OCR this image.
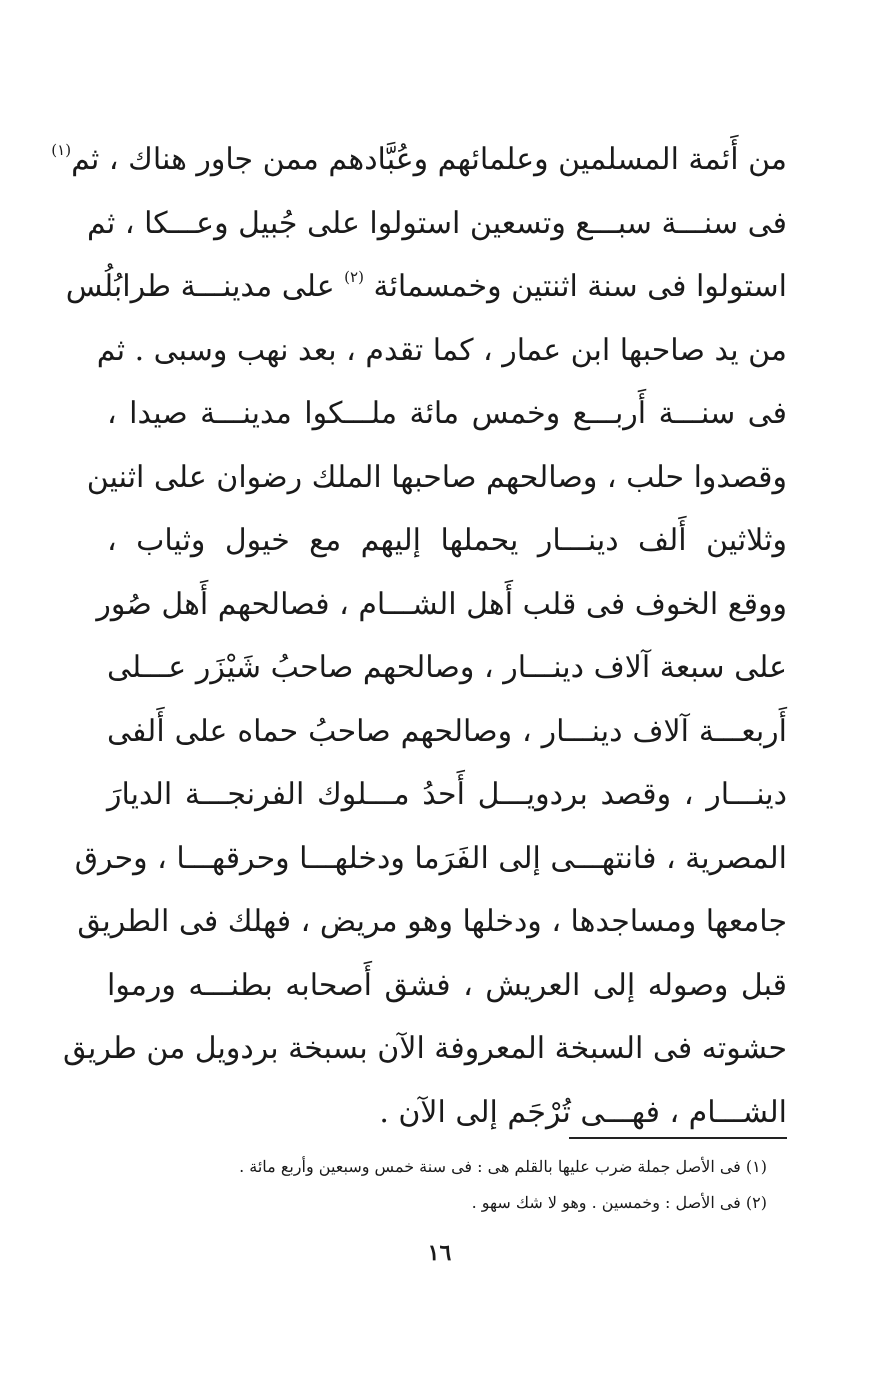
من أَئمة المسلمين وعلمائهم وعُبَّادهم ممن جاور هناك ، ثم$^{(١)}$
فى سنـــة سبـــع وتسعين استولوا على جُبيل وعـــكا ، ثم
استولوا فى سنة اثنتين وخمسمائة $^{(٢)}$ على مدينـــة طرابُلُس
من يد صاحبها ابن عمار ، كما تقدم ، بعد نهب وسبى . ثم
فى سنـــة أَربـــع وخمس مائة ملـــكوا مدينـــة صيدا ،
وقصدوا حلب ، وصالحهم صاحبها الملك رضوان على اثنين
وثلاثين أَلف دينـــار يحملها إليهم مع خيول وثياب ،
ووقع الخوف فى قلب أَهل الشـــام ، فصالحهم أَهل صُور
على سبعة آلاف دينـــار ، وصالحهم صاحبُ شَيْزَر عـــلى
أَربعـــة آلاف دينـــار ، وصالحهم صاحبُ حماه على أَلفى
دينـــار ، وقصد بردويـــل أَحدُ مـــلوك الفرنجـــة الديارَ
المصرية ، فانتهـــى إلى الفَرَما ودخلهـــا وحرقهـــا ، وحرق
جامعها ومساجدها ، ودخلها وهو مريض ، فهلك فى الطريق
قبل وصوله إلى العريش ، فشق أَصحابه بطنـــه ورموا
حشوته فى السبخة المعروفة الآن بسبخة بردويل من طريق
الشـــام ، فهـــى تُرْجَم إلى الآن .
(١) فى الأصل جملة ضرب عليها بالقلم هى : فى سنة خمس وسبعين وأربع مائة .
(٢) فى الأصل : وخمسين . وهو لا شك سهو .
١٦
